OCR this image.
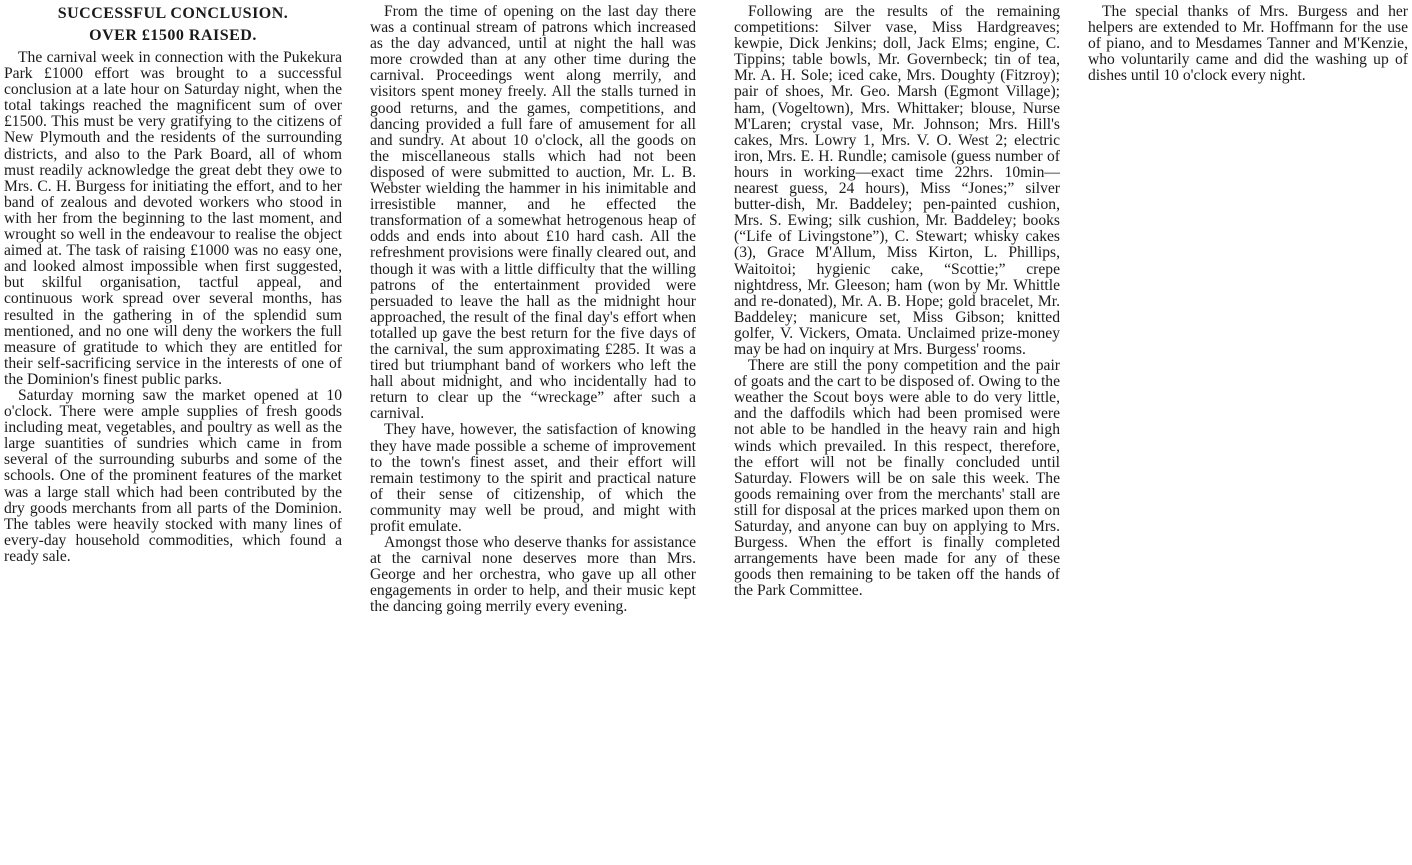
SUCCESSFUL CONCLUSION.
OVER £1500 RAISED.

The carnival week in connection with the Pukekura Park £1000 effort was brought to a successful conclusion at a late hour on Saturday night, when the total takings reached the magnificent sum of over £1500. This must be very gratifying to the citizens of New Plymouth and the residents of the surrounding districts, and also to the Park Board, all of whom must readily acknowledge the great debt they owe to Mrs. C. H. Burgess for initiating the effort, and to her band of zealous and devoted workers who stood in with her from the beginning to the last moment, and wrought so well in the endeavour to realise the object aimed at. The task of raising £1000 was no easy one, and looked almost impossible when first suggested, but skilful organisation, tactful appeal, and continuous work spread over several months, has resulted in the gathering in of the splendid sum mentioned, and no one will deny the workers the full measure of gratitude to which they are entitled for their self-sacrificing service in the interests of one of the Dominion's finest public parks.

Saturday morning saw the market opened at 10 o'clock. There were ample supplies of fresh goods including meat, vegetables, and poultry as well as the large suantities of sundries which came in from several of the surrounding suburbs and some of the schools. One of the prominent features of the market was a large stall which had been contributed by the dry goods merchants from all parts of the Dominion. The tables were heavily stocked with many lines of every-day household commodities, which found a ready sale.

From the time of opening on the last day there was a continual stream of patrons which increased as the day advanced, until at night the hall was more crowded than at any other time during the carnival. Proceedings went along merrily, and visitors spent money freely. All the stalls turned in good returns, and the games, competitions, and dancing provided a full fare of amusement for all and sundry. At about 10 o'clock, all the goods on the miscellaneous stalls which had not been disposed of were submitted to auction, Mr. L. B. Webster wielding the hammer in his inimitable and irresistible manner, and he effected the transformation of a somewhat hetrogenous heap of odds and ends into about £10 hard cash. All the refreshment provisions were finally cleared out, and though it was with a little difficulty that the willing patrons of the entertainment provided were persuaded to leave the hall as the midnight hour approached, the result of the final day's effort when totalled up gave the best return for the five days of the carnival, the sum approximating £285. It was a tired but triumphant band of workers who left the hall about midnight, and who incidentally had to return to clear up the “wreckage” after such a carnival.

They have, however, the satisfaction of knowing they have made possible a scheme of improvement to the town's finest asset, and their effort will remain testimony to the spirit and practical nature of their sense of citizenship, of which the community may well be proud, and might with profit emulate.

Amongst those who deserve thanks for assistance at the carnival none deserves more than Mrs. George and her orchestra, who gave up all other engagements in order to help, and their music kept the dancing going merrily every evening.

Following are the results of the remaining competitions: Silver vase, Miss Hardgreaves; kewpie, Dick Jenkins; doll, Jack Elms; engine, C. Tippins; table bowls, Mr. Governbeck; tin of tea, Mr. A. H. Sole; iced cake, Mrs. Doughty (Fitzroy); pair of shoes, Mr. Geo. Marsh (Egmont Village); ham, (Vogeltown), Mrs. Whittaker; blouse, Nurse M'Laren; crystal vase, Mr. Johnson; Mrs. Hill's cakes, Mrs. Lowry 1, Mrs. V. O. West 2; electric iron, Mrs. E. H. Rundle; camisole (guess number of hours in working—exact time 22hrs. 10min—nearest guess, 24 hours), Miss “Jones;” silver butter-dish, Mr. Baddeley; pen-painted cushion, Mrs. S. Ewing; silk cushion, Mr. Baddeley; books (“Life of Livingstone”), C. Stewart; whisky cakes (3), Grace M'Allum, Miss Kirton, L. Phillips, Waitoitoi; hygienic cake, “Scottie;” crepe nightdress, Mr. Gleeson; ham (won by Mr. Whittle and re-donated), Mr. A. B. Hope; gold bracelet, Mr. Baddeley; manicure set, Miss Gibson; knitted golfer, V. Vickers, Omata. Unclaimed prize-money may be had on inquiry at Mrs. Burgess' rooms.

There are still the pony competition and the pair of goats and the cart to be disposed of. Owing to the weather the Scout boys were able to do very little, and the daffodils which had been promised were not able to be handled in the heavy rain and high winds which prevailed. In this respect, therefore, the effort will not be finally concluded until Saturday. Flowers will be on sale this week. The goods remaining over from the merchants' stall are still for disposal at the prices marked upon them on Saturday, and anyone can buy on applying to Mrs. Burgess. When the effort is finally completed arrangements have been made for any of these goods then remaining to be taken off the hands of the Park Committee.

The special thanks of Mrs. Burgess and her helpers are extended to Mr. Hoffmann for the use of piano, and to Mesdames Tanner and M'Kenzie, who voluntarily came and did the washing up of dishes until 10 o'clock every night.
